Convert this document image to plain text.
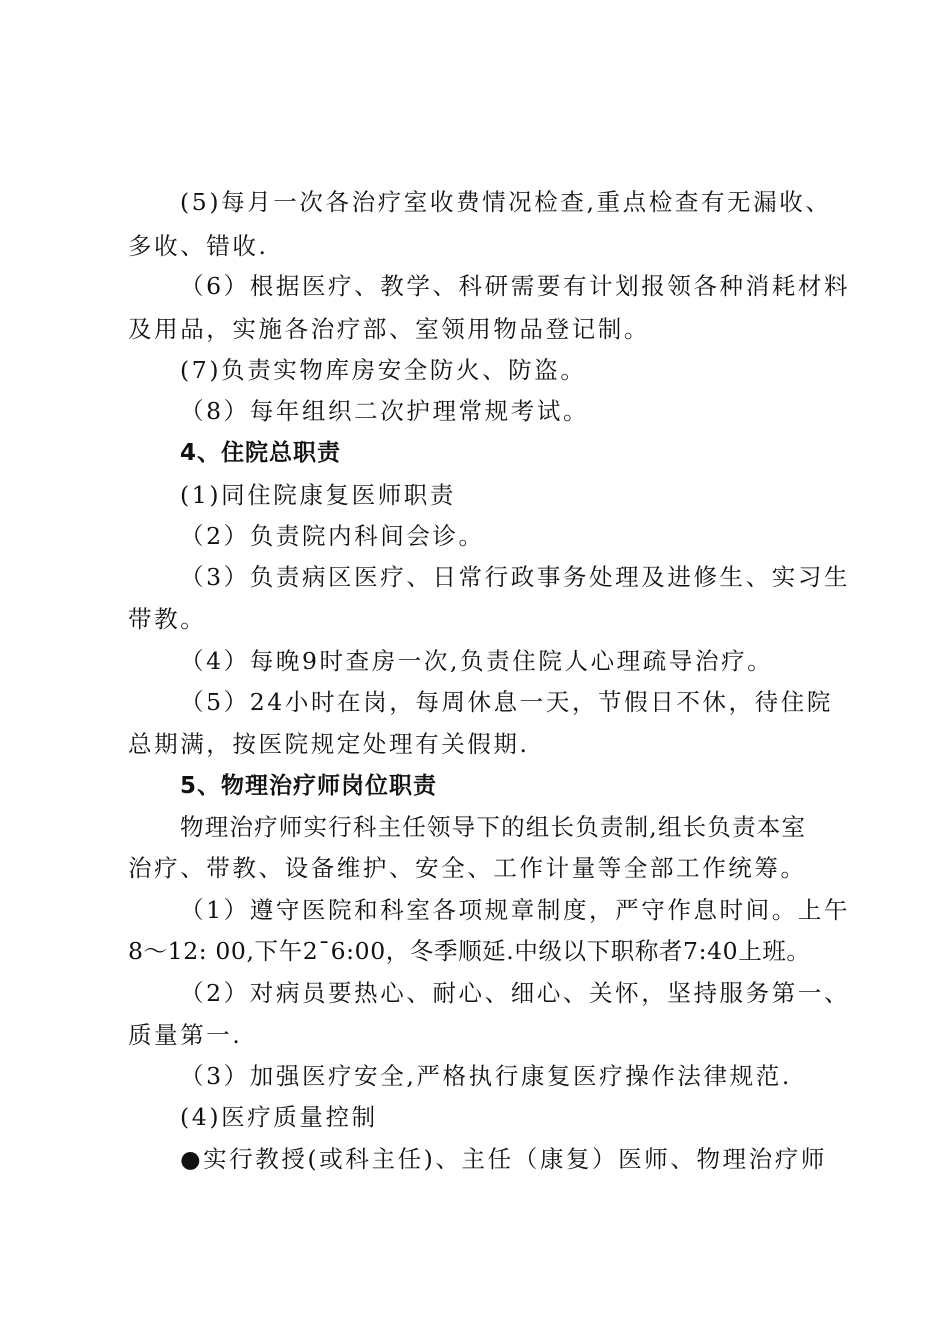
(5)每月一次各治疗室收费情况检查,重点检查有无漏收、
多收、错收.
（6）根据医疗、教学、科研需要有计划报领各种消耗材料
及用品，实施各治疗部、室领用物品登记制。
(7)负责实物库房安全防火、防盗。
（8）每年组织二次护理常规考试。
4、住院总职责
(1)同住院康复医师职责
（2）负责院内科间会诊。
（3）负责病区医疗、日常行政事务处理及进修生、实习生
带教。
（4）每晚9时查房一次,负责住院人心理疏导治疗。
（5）24小时在岗，每周休息一天，节假日不休，待住院
总期满，按医院规定处理有关假期.
5、物理治疗师岗位职责
物理治疗师实行科主任领导下的组长负责制,组长负责本室
治疗、带教、设备维护、安全、工作计量等全部工作统筹。
（1）遵守医院和科室各项规章制度，严守作息时间。上午
8～12: 00,下午2¯6:00，冬季顺延.中级以下职称者7:40上班。
（2）对病员要热心、耐心、细心、关怀，坚持服务第一、
质量第一.
（3）加强医疗安全,严格执行康复医疗操作法律规范.
(4)医疗质量控制
●实行教授(或科主任)、主任（康复）医师、物理治疗师
